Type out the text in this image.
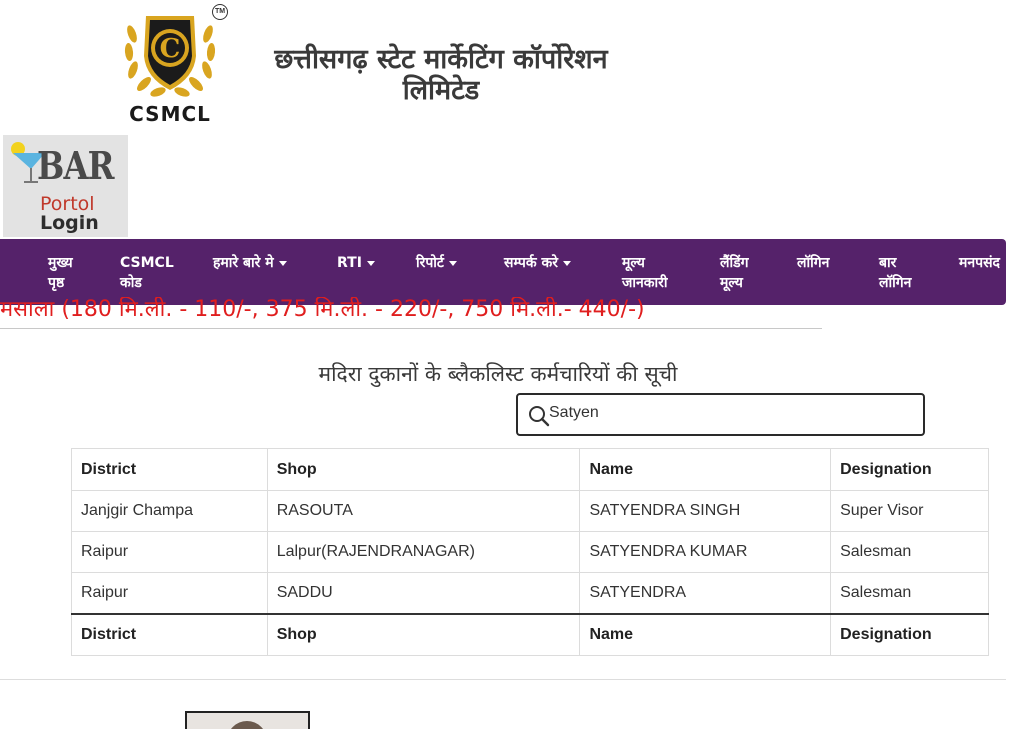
C
TM
CSMCL
छत्तीसगढ़ स्टेट मार्केटिंग कॉर्पोरेशन
लिमिटेड
BAR
Portol
Login
मुख्य
पृष्ठ
CSMCL
कोड
हमारे बारे मे	RTI	रिपोर्ट	सम्पर्क करे	मूल्य
जानकारी
लैंडिंग
मूल्य
लॉगिन	बार
लॉगिन
मनपसंद
मसाला (180 मि.ली. - 110/-, 375 मि.ली. - 220/-, 750 मि.ली.- 440/-)
मदिरा दुकानों के ब्लैकलिस्ट कर्मचारियों की सूची
Satyen
District	Shop	Name	Designation
Janjgir Champa	RASOUTA	SATYENDRA SINGH	Super Visor
Raipur	Lalpur(RAJENDRANAGAR)	SATYENDRA KUMAR	Salesman
Raipur	SADDU	SATYENDRA	Salesman
District	Shop	Name	Designation
